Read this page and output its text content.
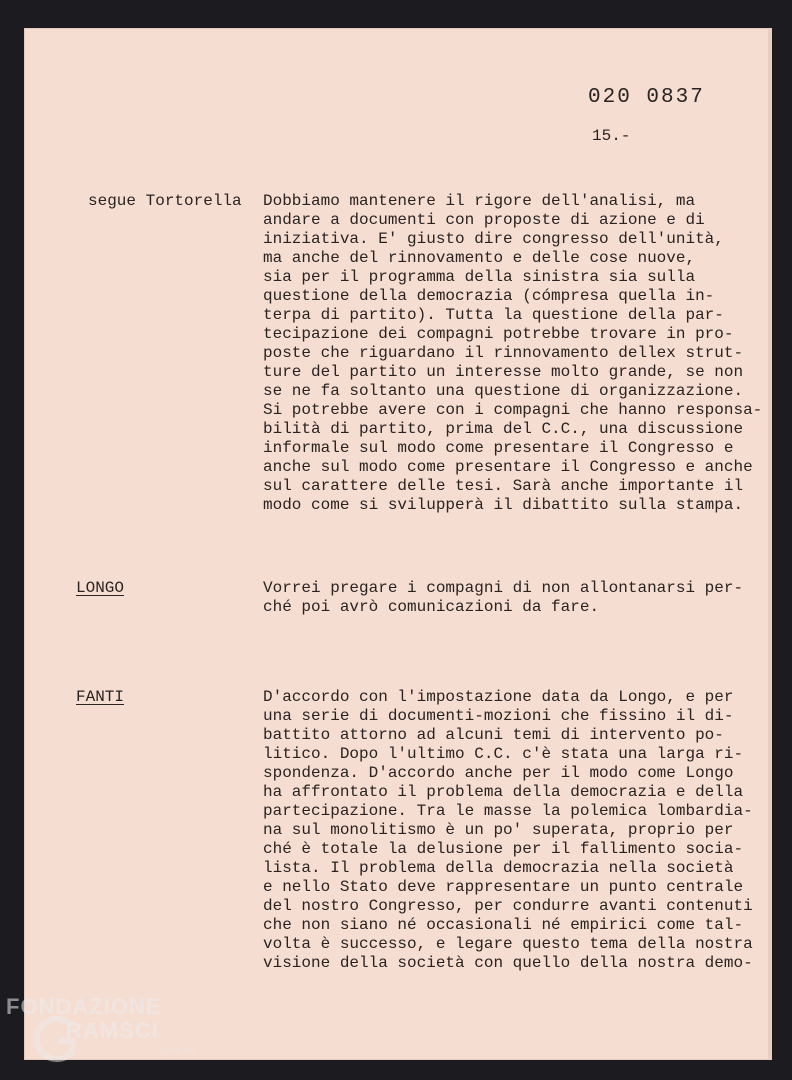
020 0837
15.-
segue Tortorella Dobbiamo mantenere il rigore dell'analisi, ma
andare a documenti con proposte di azione e di
iniziativa. E' giusto dire congresso dell'unità,
ma anche del rinnovamento e delle cose nuove,
sia per il programma della sinistra sia sulla
questione della democrazia (cómpresa quella in-
terpa di partito). Tutta la questione della par-
tecipazione dei compagni potrebbe trovare in pro-
poste che riguardano il rinnovamento dellex strut-
ture del partito un interesse molto grande, se non
se ne fa soltanto una questione di organizzazione.
Si potrebbe avere con i compagni che hanno responsa-
bilità di partito, prima del C.C., una discussione
informale sul modo come presentare il Congresso e
anche sul modo come presentare il Congresso e anche
sul carattere delle tesi. Sarà anche importante il
modo come si svilupperà il dibattito sulla stampa.
LONGO	Vorrei pregare i compagni di non allontanarsi per-
ché poi avrò comunicazioni da fare.
FANTI	D'accordo con l'impostazione data da Longo, e per
una serie di documenti-mozioni che fissino il di-
battito attorno ad alcuni temi di intervento po-
litico. Dopo l'ultimo C.C. c'è stata una larga ri-
spondenza. D'accordo anche per il modo come Longo
ha affrontato il problema della democrazia e della
partecipazione. Tra le masse la polemica lombardia-
na sul monolitismo è un po' superata, proprio per
ché è totale la delusione per il fallimento socia-
lista. Il problema della democrazia nella società
e nello Stato deve rappresentare un punto centrale
del nostro Congresso, per condurre avanti contenuti
che non siano né occasionali né empirici come tal-
volta è successo, e legare questo tema della nostra
visione della società con quello della nostra demo-
FONDAZIONE
RAMSCI
ONLUS
